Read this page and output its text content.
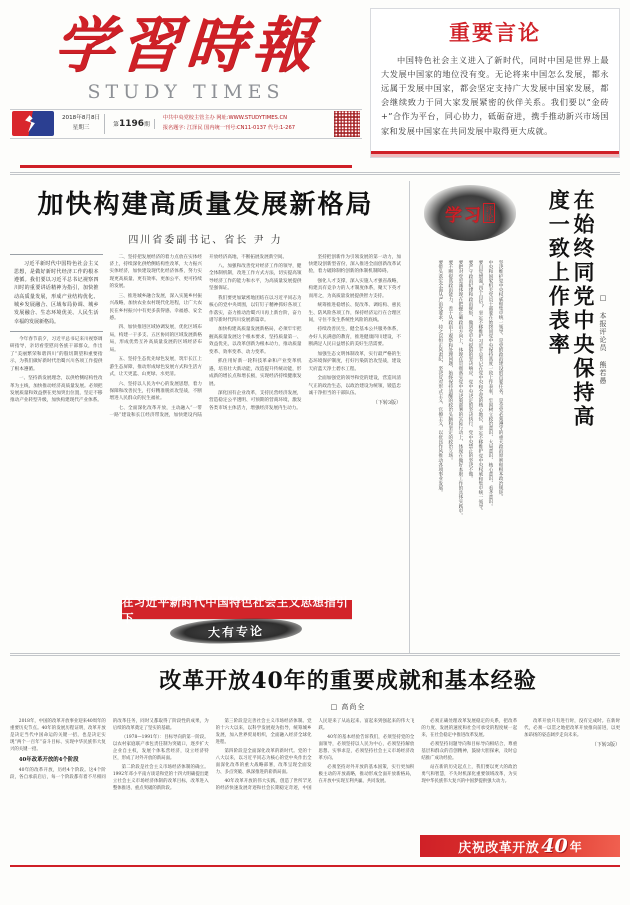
学習時報
STUDY TIMES
2018年8月8日
星期三	第1196期
中共中央党校主管主办 网址:WWW.STUDYTIMES.CN
报名题字: 江泽民 国内统一刊号:CN11-0137 代号:1-267
重要言论
中国特色社会主义进入了新时代，同时中国是世界上最大发展中国家的地位没有变。无论将来中国怎么发展，都永远属于发展中国家，都会坚定支持广大发展中国家发展，都会继续致力于同大家发展紧密的伙伴关系。我们要以“金砖+”合作为平台，同心协力，砥砺奋进，携手推动新兴市场国家和发展中国家在共同发展中取得更大成就。
加快构建高质量发展新格局
四川省委副书记、省长 尹 力
习近平新时代中国特色社会主义思想，是做好新时代经济工作的根本遵循。我们要以习近平总书记视察四川时的重要讲话精神为指引，加快推动高质量发展，形成产业结构优化、城乡发展融合、区域布局协调、城乡发展融合、生态环境优美、人民生活幸福的发展新格局。

今年春节前夕，习近平总书记来川视察调研指导，亲切看望慰问各族干部群众，作出了“美丽繁荣和谐四川”的殷切期望和重要指示，为我们做好新时代治蜀兴川各项工作提供了根本遵循。

一、坚持新发展理念，以供给侧结构性改革为主线，加快推动经济高质量发展。必须把发展质量和效益摆在更加突出位置，坚定不移推动产业转型升级，加快构建现代产业体系。

二、坚持把发展经济的着力点放在实体经济上，持续深化供给侧结构性改革，大力振兴实体经济，加快建设现代化经济体系，努力实现更高质量、更有效率、更加公平、更可持续的发展。

三、推进城乡融合发展，深入实施乡村振兴战略，加快农业农村现代化进程，让广大农民在乡村振兴中有更多获得感、幸福感、安全感。

四、加快推进区域协调发展，优化区域布局，构建一干多支、五区协同的区域发展新格局，形成优势互补高质量发展的区域经济布局。

五、坚持生态优先绿色发展，筑牢长江上游生态屏障，推动形成绿色发展方式和生活方式，让天更蓝、山更绿、水更清。

六、坚持以人民为中心的发展思想，着力保障和改善民生，打好精准脱贫攻坚战，不断增进人民群众的民生福祉。

七、全面深化改革开放，主动融入“一带一路”建设和长江经济带发展，加快建设内陆开放经济高地，不断拓展发展新空间。

八、加强和改善党对经济工作的领导，健全体制机制，改进工作方式方法，切实提高领导经济工作的能力和水平，为高质量发展提供坚强保证。

我们要更加紧密地团结在以习近平同志为核心的党中央周围，以钉钉子精神抓好各项工作落实，奋力推动治蜀兴川再上新台阶，奋力谱写新时代四川发展新篇章。

加快构建高质量发展新格局，必须牢牢把握高质量发展这个根本要求，坚持质量第一、效益优先，以改革创新为根本动力，推动质量变革、效率变革、动力变革。

抓住用好新一轮科技革命和产业变革机遇，培育壮大新动能，改造提升传统动能，形成新的增长点和增长极，实现经济持续健康发展。

深化国有企业改革，支持民营经济发展，营造稳定公平透明、可预期的营商环境，激发各类市场主体活力，增强经济发展内生动力。

坚持把创新作为引领发展的第一动力，加快建设创新型省份，深入推进全面创新改革试验，着力破除制约创新的体制机制障碍。

强化人才支撑，深入实施人才强省战略，构建具有竞争力的人才制度体系，聚天下英才而用之，为高质量发展提供智力支持。

统筹推进稳增长、促改革、调结构、惠民生、防风险各项工作，保持经济运行在合理区间，守住不发生系统性风险的底线。

持续改善民生，健全基本公共服务体系，办好人民满意的教育，推进健康四川建设，不断满足人民日益增长的美好生活需要。

加强生态文明体制改革，实行最严格的生态环境保护制度，打好污染防治攻坚战，建设天府蓝天净土碧水工程。

全面加强党的领导和党的建设，营造风清气正的政治生态，以政治建设为统领，锻造忠诚干净担当的干部队伍。

（下转3版）
在习近平新时代中国特色社会主义思想指引下
大有专论
学 习 评论	在始终同党中央保持高度一致上作表率	□ 本报评论员 熊若愚

坚决维护党中央权威和集中统一领导，是党的政治建设的首要任务，是全党必须遵守的重大政治原则和根本政治规矩。

中央和国家机关党员干部要在始终同党中央保持高度一致上作表率，牢固树立政治意识、大局意识、核心意识、看齐意识。

要自觉增强“四个自信”，坚定不移维护习近平总书记在党中央和全党的核心地位，坚定不移维护党中央权威和集中统一领导。

要严守政治纪律和政治规矩，做到党中央提倡的坚决响应、党中央决定的坚决执行、党中央禁止的坚决不做。

要把对党忠诚体现在把握正确政治方向上，体现在贯彻落实党中央决策部署的实际行动上，体现在做好本职工作的具体实践中。

要不断提高政治能力，善于从政治上观察和处理问题，始终保持清醒的政治头脑和坚定的政治立场。

要带头落实全面从严治党要求，持之以恒正风肃纪，坚决反对形式主义、官僚主义，以优良作风推动各项事业发展。

改革开放40年的重要成就和基本经验
□ 高尚全

2018年，中国的改革开放事业迎来40周年的重要历史节点。40年的发展历程证明，改革开放是决定当代中国命运的关键一招，也是决定实现“两个一百年”奋斗目标、实现中华民族伟大复兴的关键一招。

40年改革开放的4个阶段

40年的改革开放，历经4个阶段。这4个阶段，各自承前启后，每一个阶段都有着不尽相同的改革任务，同时又都取得了阶段性的成果，为后续的改革奠定了坚实的基础。

（1978—1991年）：目标导向的第一阶段。以农村家庭联产承包责任制为突破口，逐步扩大企业自主权，发展个体私营经济，设立经济特区，形成了对外开放的新局面。

第二阶段是社会主义市场经济体制的确立。1992年邓小平南方谈话和党的十四大明确提出建立社会主义市场经济体制的改革目标，改革进入整体推进、重点突破的新阶段。

第三阶段是完善社会主义市场经济体制。党的十六大以来，以科学发展观为指导，统筹城乡发展，加入世界贸易组织，全面融入经济全球化进程。

第四阶段是全面深化改革的新时代。党的十八大以来，以习近平同志为核心的党中央作出全面深化改革的重大战略部署，改革呈现全面发力、多点突破、纵深推进的崭新局面。

40年改革开放的伟大实践，创造了世所罕见的经济快速发展奇迹和社会长期稳定奇迹，中国人民迎来了从站起来、富起来到强起来的伟大飞跃。

40年的基本经验告诉我们，必须坚持党的全面领导，必须坚持以人民为中心，必须坚持解放思想、实事求是，必须坚持社会主义市场经济改革方向。

必须坚持对外开放的基本国策，实行更加积极主动的开放战略，推动形成全面开放新格局，在开放中实现互利共赢、共同发展。

必须正确处理改革发展稳定的关系，把改革的力度、发展的速度和社会可承受的程度统一起来，在社会稳定中推进改革发展。

必须坚持问题导向和目标导向相结合，尊重基层和群众的首创精神，鼓励大胆探索，及时总结推广成功经验。

站在新的历史起点上，我们要以更大的政治勇气和智慧，不失时机深化重要领域改革，为实现中华民族伟大复兴的中国梦提供强大动力。

改革开放只有进行时，没有完成时。在新时代，必须一以贯之地把改革开放推向前进，以更加昂扬的姿态阔步走向未来。

（下转3版）

庆祝改革开放 40 年
